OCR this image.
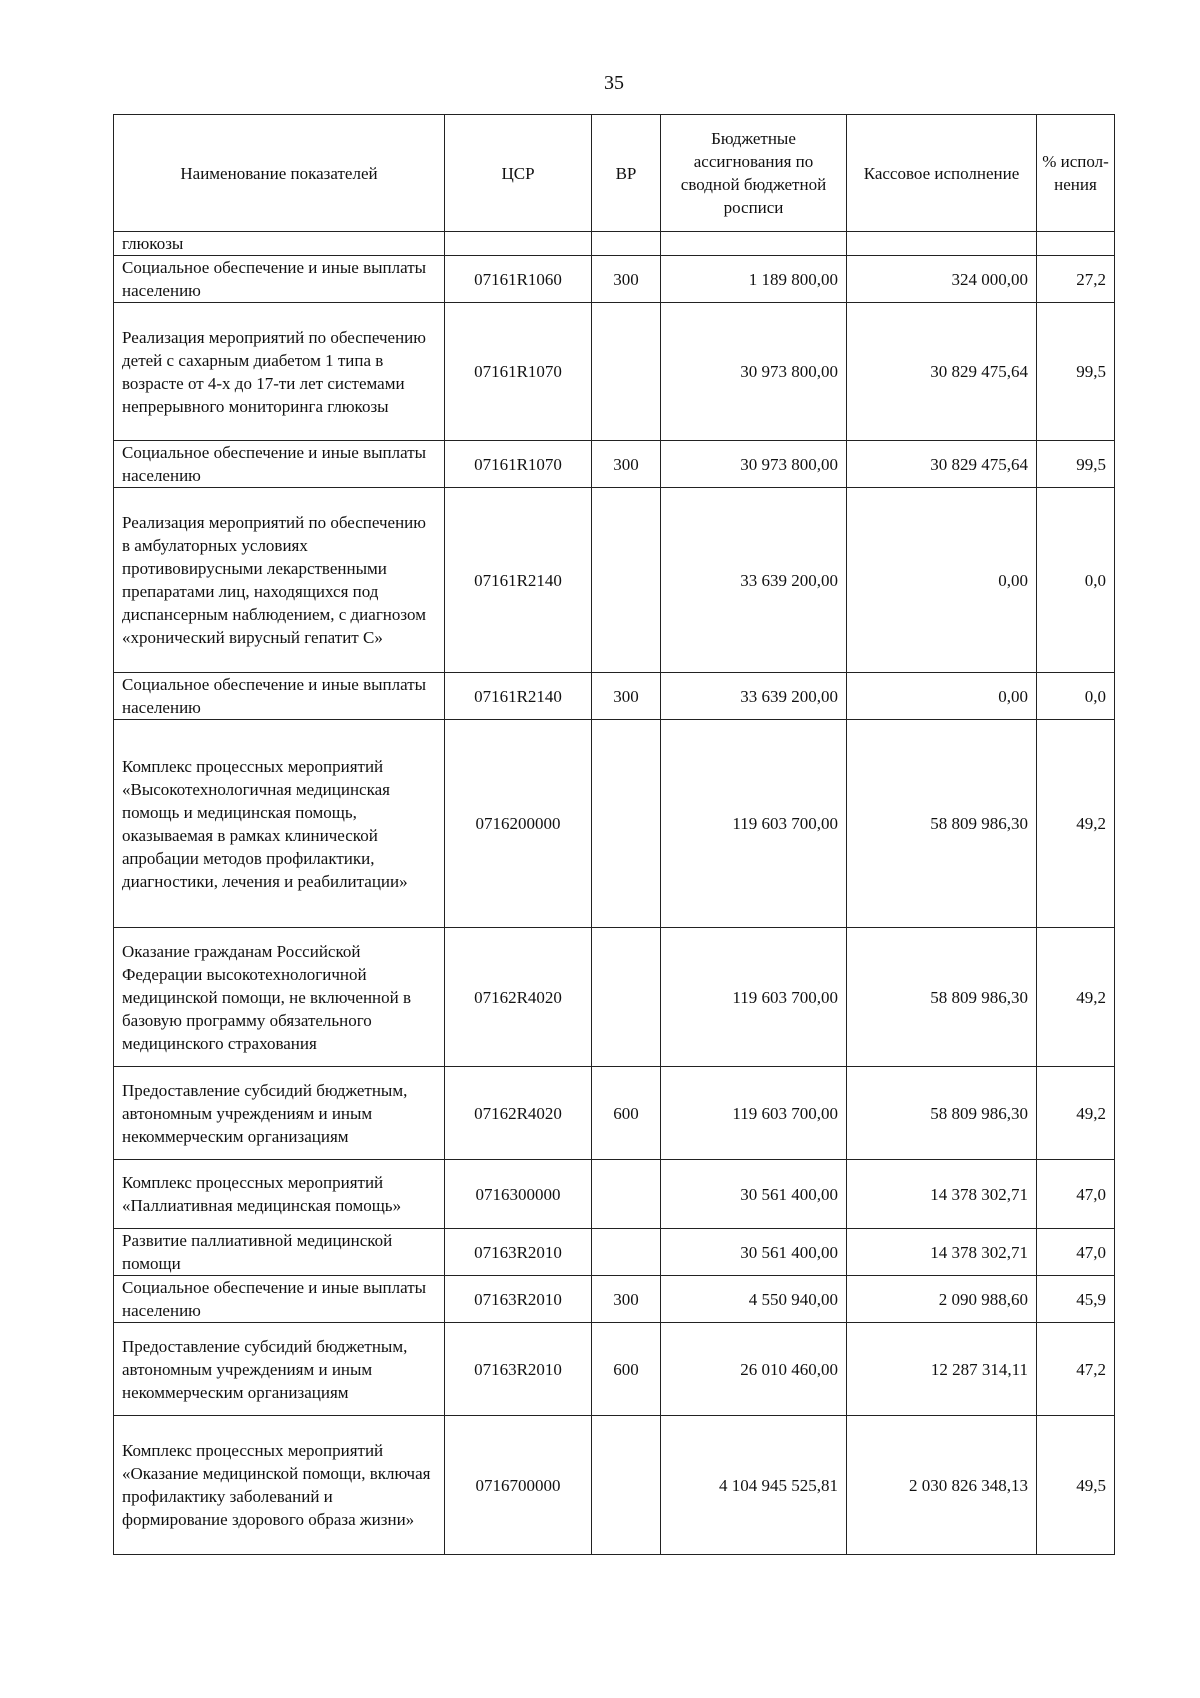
35
Наименование показателей	ЦСР	ВР	Бюджетные ассигнования по сводной бюджетной росписи	Кассовое исполнение	% испол-нения
глюкозы					
Социальное обеспечение и иные выплаты населению	07161R1060	300	1 189 800,00	324 000,00	27,2
Реализация мероприятий по обеспечению детей с сахарным диабетом 1 типа в возрасте от 4-х до 17-ти лет системами непрерывного мониторинга глюкозы	07161R1070		30 973 800,00	30 829 475,64	99,5
Социальное обеспечение и иные выплаты населению	07161R1070	300	30 973 800,00	30 829 475,64	99,5
Реализация мероприятий по обеспечению в амбулаторных условиях противовирусными лекарственными препаратами лиц, находящихся под диспансерным наблюдением, с диагнозом «хронический вирусный гепатит С»	07161R2140		33 639 200,00	0,00	0,0
Социальное обеспечение и иные выплаты населению	07161R2140	300	33 639 200,00	0,00	0,0
Комплекс процессных мероприятий «Высокотехнологичная медицинская помощь и медицинская помощь, оказываемая в рамках клинической апробации методов профилактики, диагностики, лечения и реабилитации»	0716200000		119 603 700,00	58 809 986,30	49,2
Оказание гражданам Российской Федерации высокотехнологичной медицинской помощи, не включенной в базовую программу обязательного медицинского страхования	07162R4020		119 603 700,00	58 809 986,30	49,2
Предоставление субсидий бюджетным, автономным учреждениям и иным некоммерческим организациям	07162R4020	600	119 603 700,00	58 809 986,30	49,2
Комплекс процессных мероприятий «Паллиативная медицинская помощь»	0716300000		30 561 400,00	14 378 302,71	47,0
Развитие паллиативной медицинской помощи	07163R2010		30 561 400,00	14 378 302,71	47,0
Социальное обеспечение и иные выплаты населению	07163R2010	300	4 550 940,00	2 090 988,60	45,9
Предоставление субсидий бюджетным, автономным учреждениям и иным некоммерческим организациям	07163R2010	600	26 010 460,00	12 287 314,11	47,2
Комплекс процессных мероприятий «Оказание медицинской помощи, включая профилактику заболеваний и формирование здорового образа жизни»	0716700000		4 104 945 525,81	2 030 826 348,13	49,5
